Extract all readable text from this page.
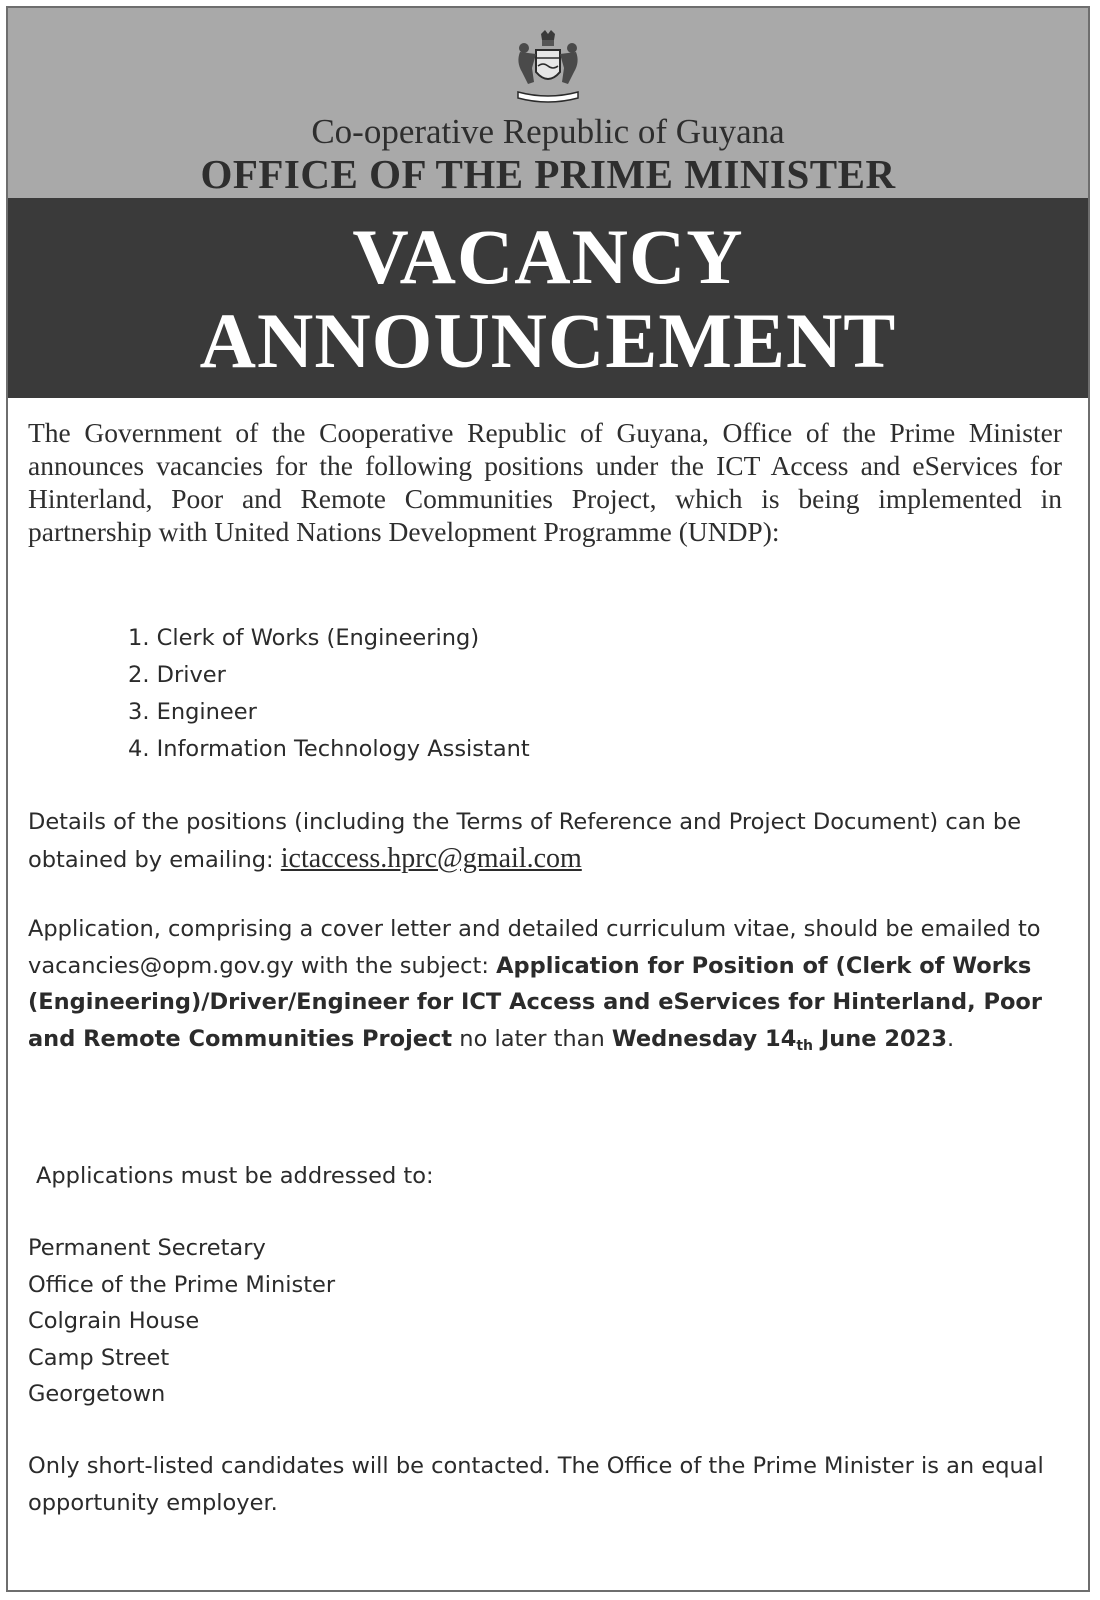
Co-operative Republic of Guyana
OFFICE OF THE PRIME MINISTER
VACANCY
ANNOUNCEMENT

The Government of the Cooperative Republic of Guyana, Office of the Prime Minister announces vacancies for the following positions under the ICT Access and eServices for Hinterland, Poor and Remote Communities Project, which is being implemented in partnership with United Nations Development Programme (UNDP):

1. Clerk of Works (Engineering)
2. Driver
3. Engineer
4. Information Technology Assistant
Details of the positions (including the Terms of Reference and Project Document) can be obtained by emailing: ictaccess.hprc@gmail.com
Application, comprising a cover letter and detailed curriculum vitae, should be emailed to vacancies@opm.gov.gy with the subject: Application for Position of (Clerk of Works (Engineering)/Driver/Engineer for ICT Access and eServices for Hinterland, Poor and Remote Communities Project no later than Wednesday $14_{th}$ June 2023.
Applications must be addressed to:
Permanent Secretary
Office of the Prime Minister
Colgrain House
Camp Street
Georgetown
Only short-listed candidates will be contacted. The Office of the Prime Minister is an equal opportunity employer.
